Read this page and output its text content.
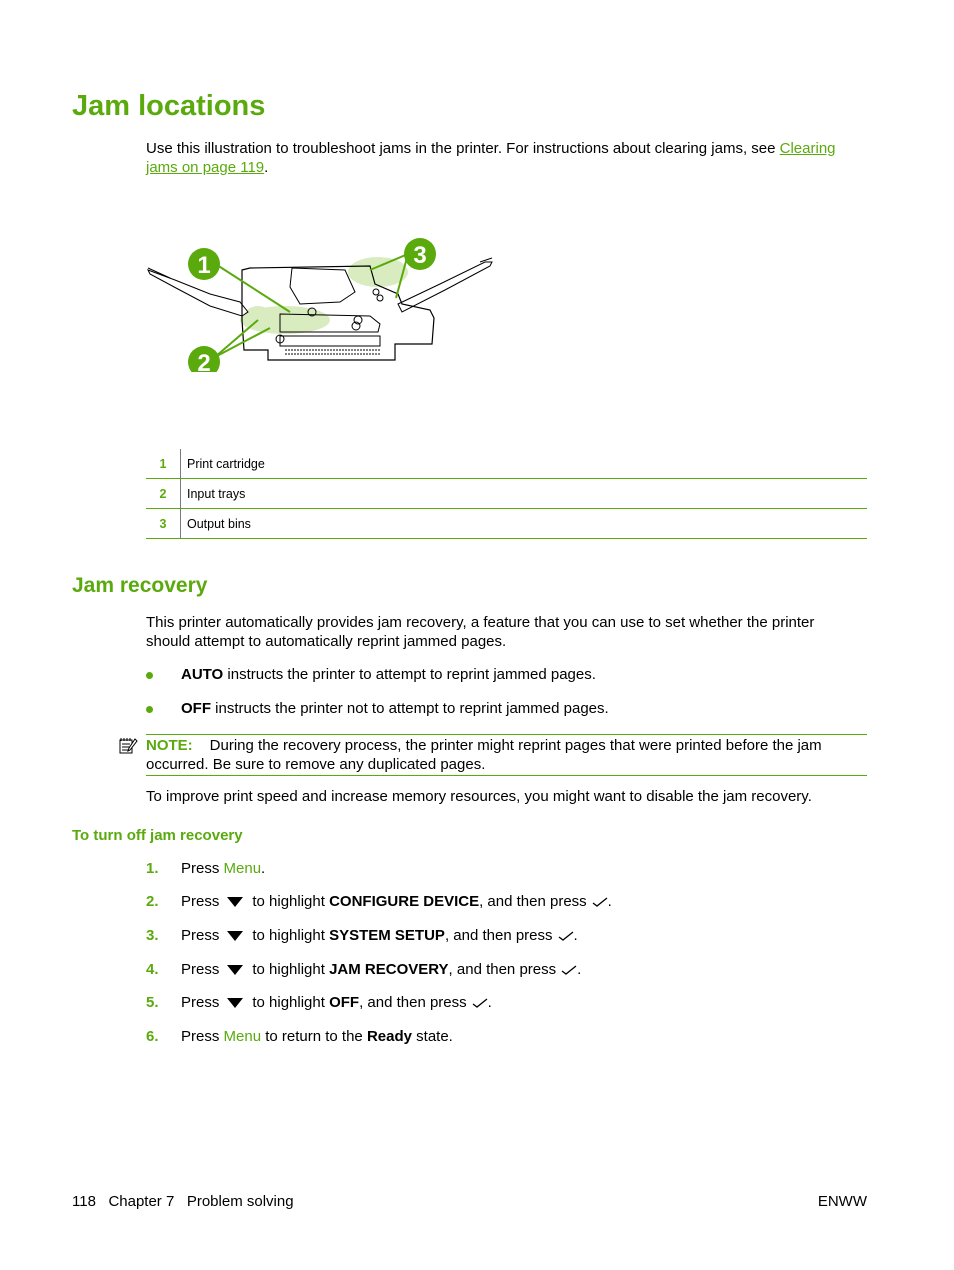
Jam locations
Use this illustration to troubleshoot jams in the printer. For instructions about clearing jams, see Clearing
jams on page 119.
1
2
3
1	Print cartridge
2	Input trays
3	Output bins
Jam recovery
This printer automatically provides jam recovery, a feature that you can use to set whether the printer
should attempt to automatically reprint jammed pages.
AUTO instructs the printer to attempt to reprint jammed pages.
OFF instructs the printer not to attempt to reprint jammed pages.
NOTE: During the recovery process, the printer might reprint pages that were printed before the jam
occurred. Be sure to remove any duplicated pages.
To improve print speed and increase memory resources, you might want to disable the jam recovery.
To turn off jam recovery
1. Press Menu .
2. Press to highlight CONFIGURE DEVICE , and then press .
3. Press to highlight SYSTEM SETUP , and then press .
4. Press to highlight JAM RECOVERY , and then press .
5. Press to highlight OFF , and then press .
6. Press Menu to return to the Ready state.
118 Chapter 7 Problem solving	ENWW
